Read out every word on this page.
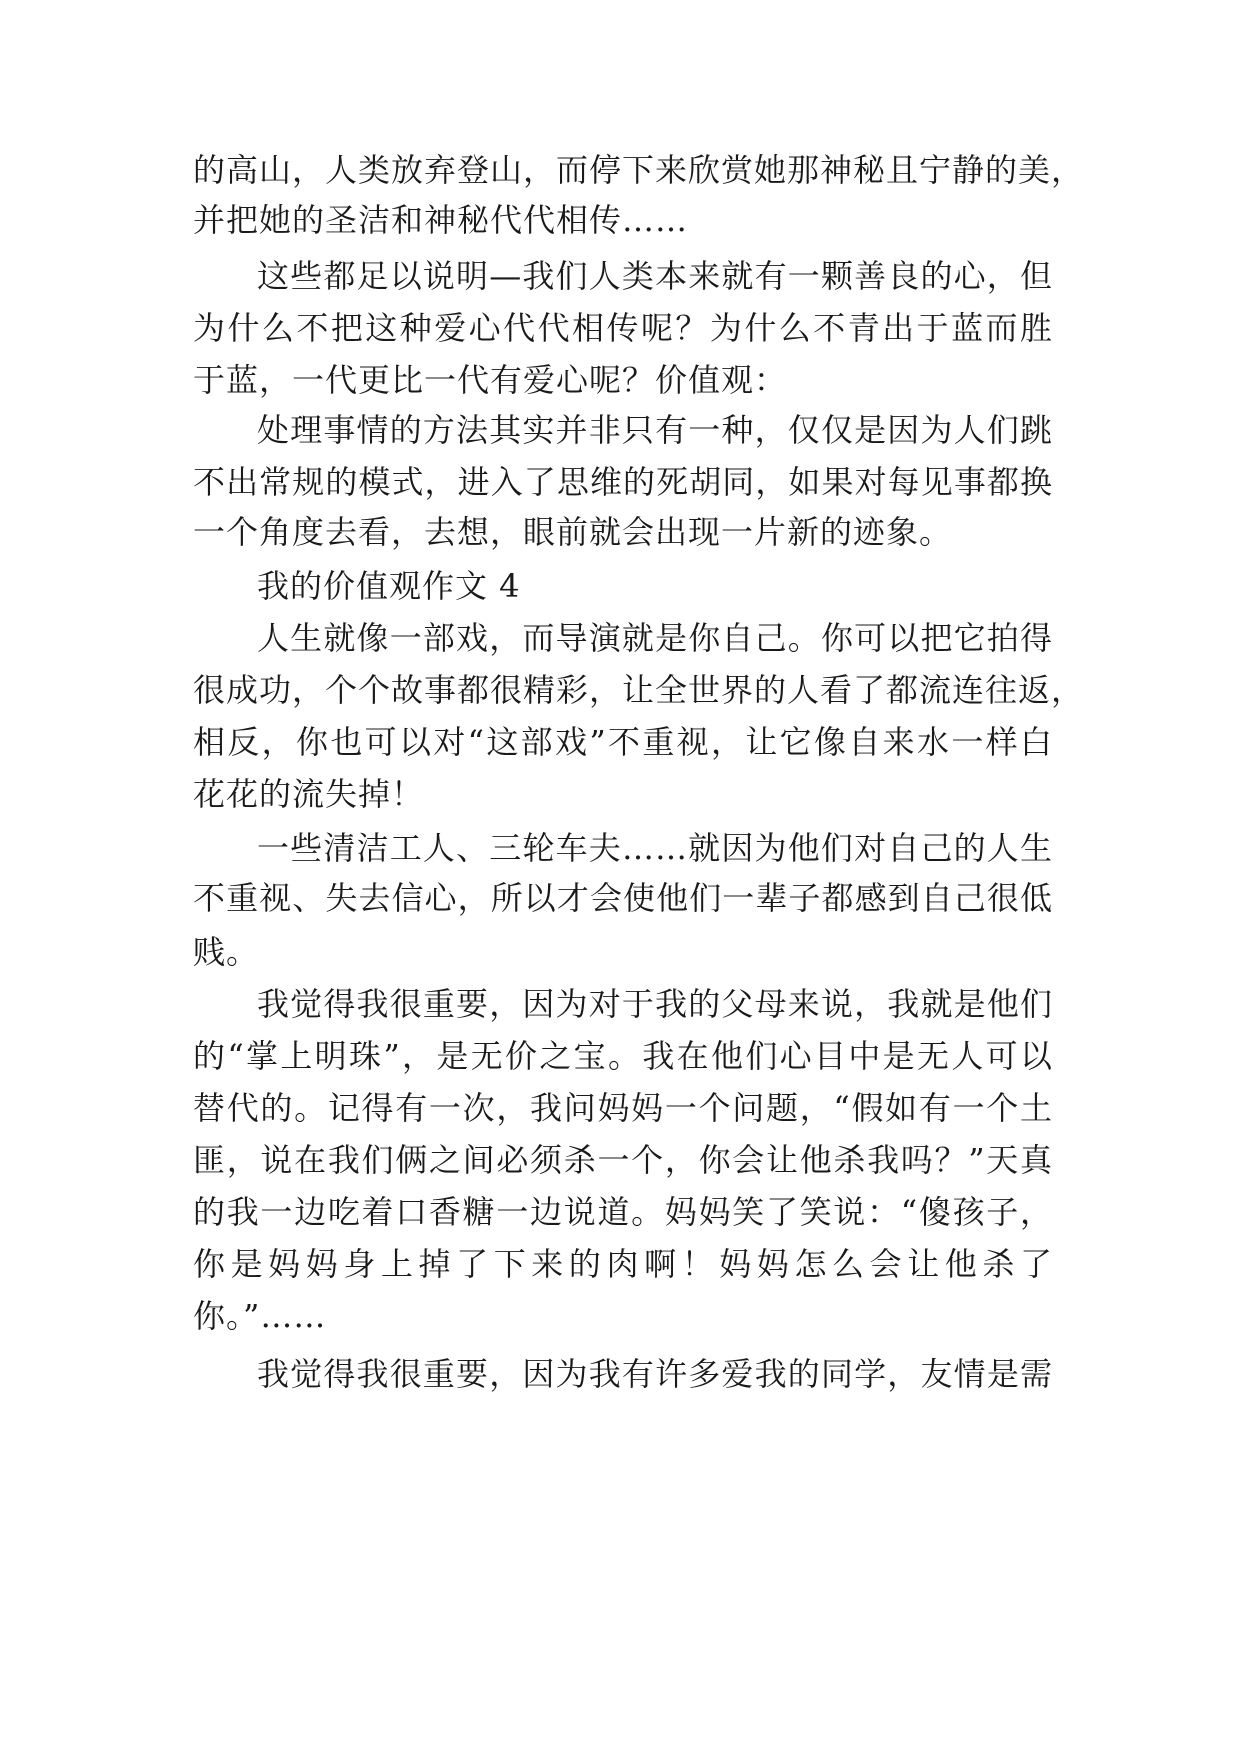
的高山，人类放弃登山，而停下来欣赏她那神秘且宁静的美，
并把她的圣洁和神秘代代相传……
这些都足以说明—我们人类本来就有一颗善良的心，但
为什么不把这种爱心代代相传呢？为什么不青出于蓝而胜
于蓝，一代更比一代有爱心呢？价值观：
处理事情的方法其实并非只有一种，仅仅是因为人们跳
不出常规的模式，进入了思维的死胡同，如果对每见事都换
一个角度去看，去想，眼前就会出现一片新的迹象。
我的价值观作文 4
人生就像一部戏，而导演就是你自己。你可以把它拍得
很成功，个个故事都很精彩，让全世界的人看了都流连往返，
相反，你也可以对“这部戏”不重视，让它像自来水一样白
花花的流失掉！
一些清洁工人、三轮车夫……就因为他们对自己的人生
不重视、失去信心，所以才会使他们一辈子都感到自己很低
贱。
我觉得我很重要，因为对于我的父母来说，我就是他们
的“掌上明珠”，是无价之宝。我在他们心目中是无人可以
替代的。记得有一次，我问妈妈一个问题，“假如有一个土
匪，说在我们俩之间必须杀一个，你会让他杀我吗？”天真
的我一边吃着口香糖一边说道。妈妈笑了笑说：“傻孩子，
你是妈妈身上掉了下来的肉啊！妈妈怎么会让他杀了
你。”……
我觉得我很重要，因为我有许多爱我的同学，友情是需
